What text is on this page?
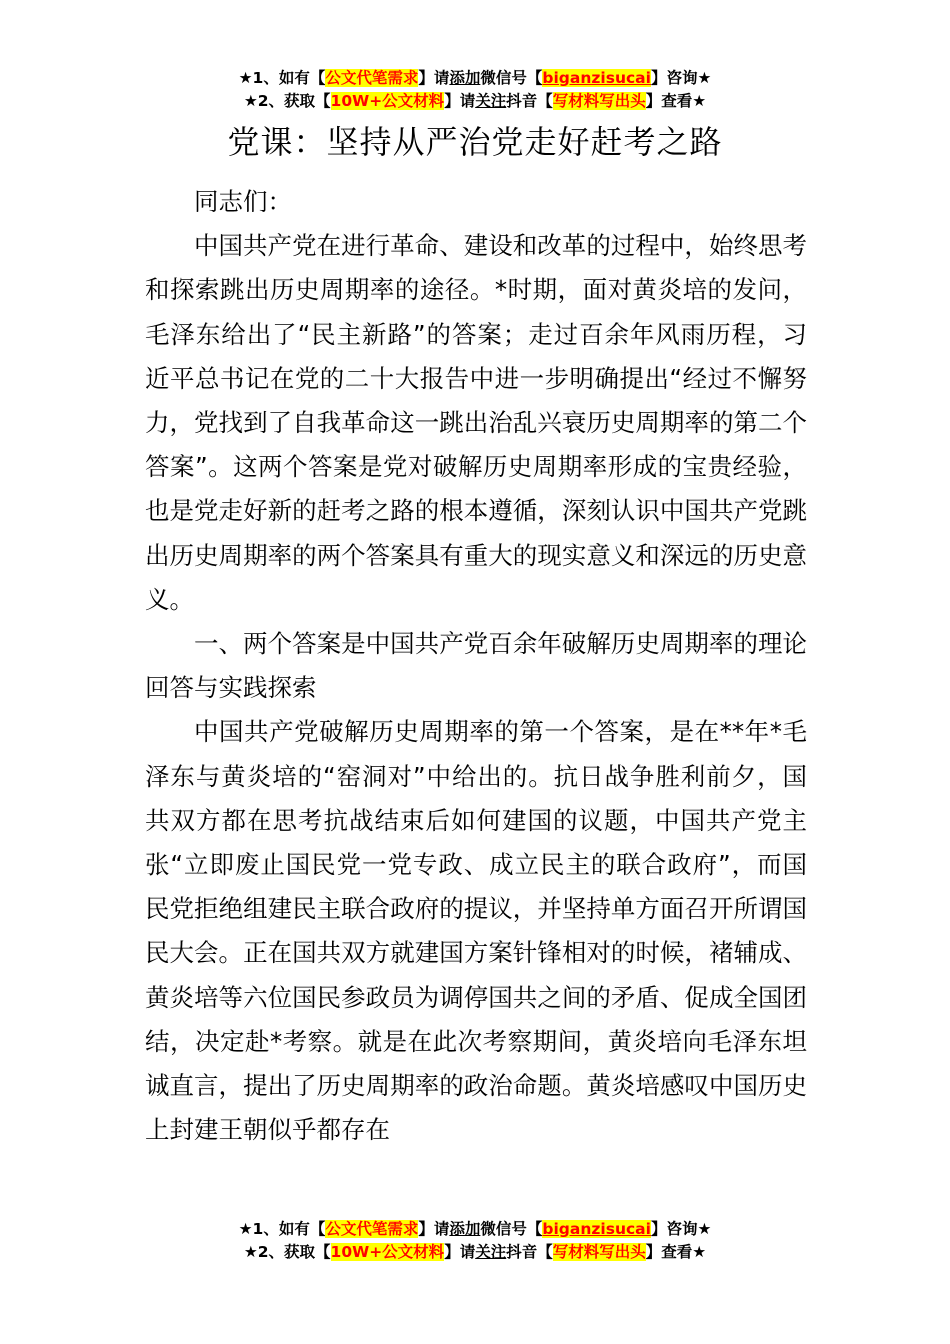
★1、如有【公文代笔需求】请添加微信号【biganzisucai】咨询★
★2、获取【10W+公文材料】请关注抖音【写材料写出头】查看★
党课：坚持从严治党走好赶考之路

同志们：

中国共产党在进行革命、建设和改革的过程中，始终思考和探索跳出历史周期率的途径。*时期，面对黄炎培的发问，毛泽东给出了“民主新路”的答案；走过百余年风雨历程，习近平总书记在党的二十大报告中进一步明确提出“经过不懈努力，党找到了自我革命这一跳出治乱兴衰历史周期率的第二个答案”。这两个答案是党对破解历史周期率形成的宝贵经验，也是党走好新的赶考之路的根本遵循，深刻认识中国共产党跳出历史周期率的两个答案具有重大的现实意义和深远的历史意义。

一、两个答案是中国共产党百余年破解历史周期率的理论回答与实践探索

中国共产党破解历史周期率的第一个答案，是在**年*毛泽东与黄炎培的“窑洞对”中给出的。抗日战争胜利前夕，国共双方都在思考抗战结束后如何建国的议题，中国共产党主张“立即废止国民党一党专政、成立民主的联合政府”，而国民党拒绝组建民主联合政府的提议，并坚持单方面召开所谓国民大会。正在国共双方就建国方案针锋相对的时候，褚辅成、黄炎培等六位国民参政员为调停国共之间的矛盾、促成全国团结，决定赴*考察。就是在此次考察期间，黄炎培向毛泽东坦诚直言，提出了历史周期率的政治命题。黄炎培感叹中国历史上封建王朝似乎都存在

★1、如有【公文代笔需求】请添加微信号【biganzisucai】咨询★
★2、获取【10W+公文材料】请关注抖音【写材料写出头】查看★
